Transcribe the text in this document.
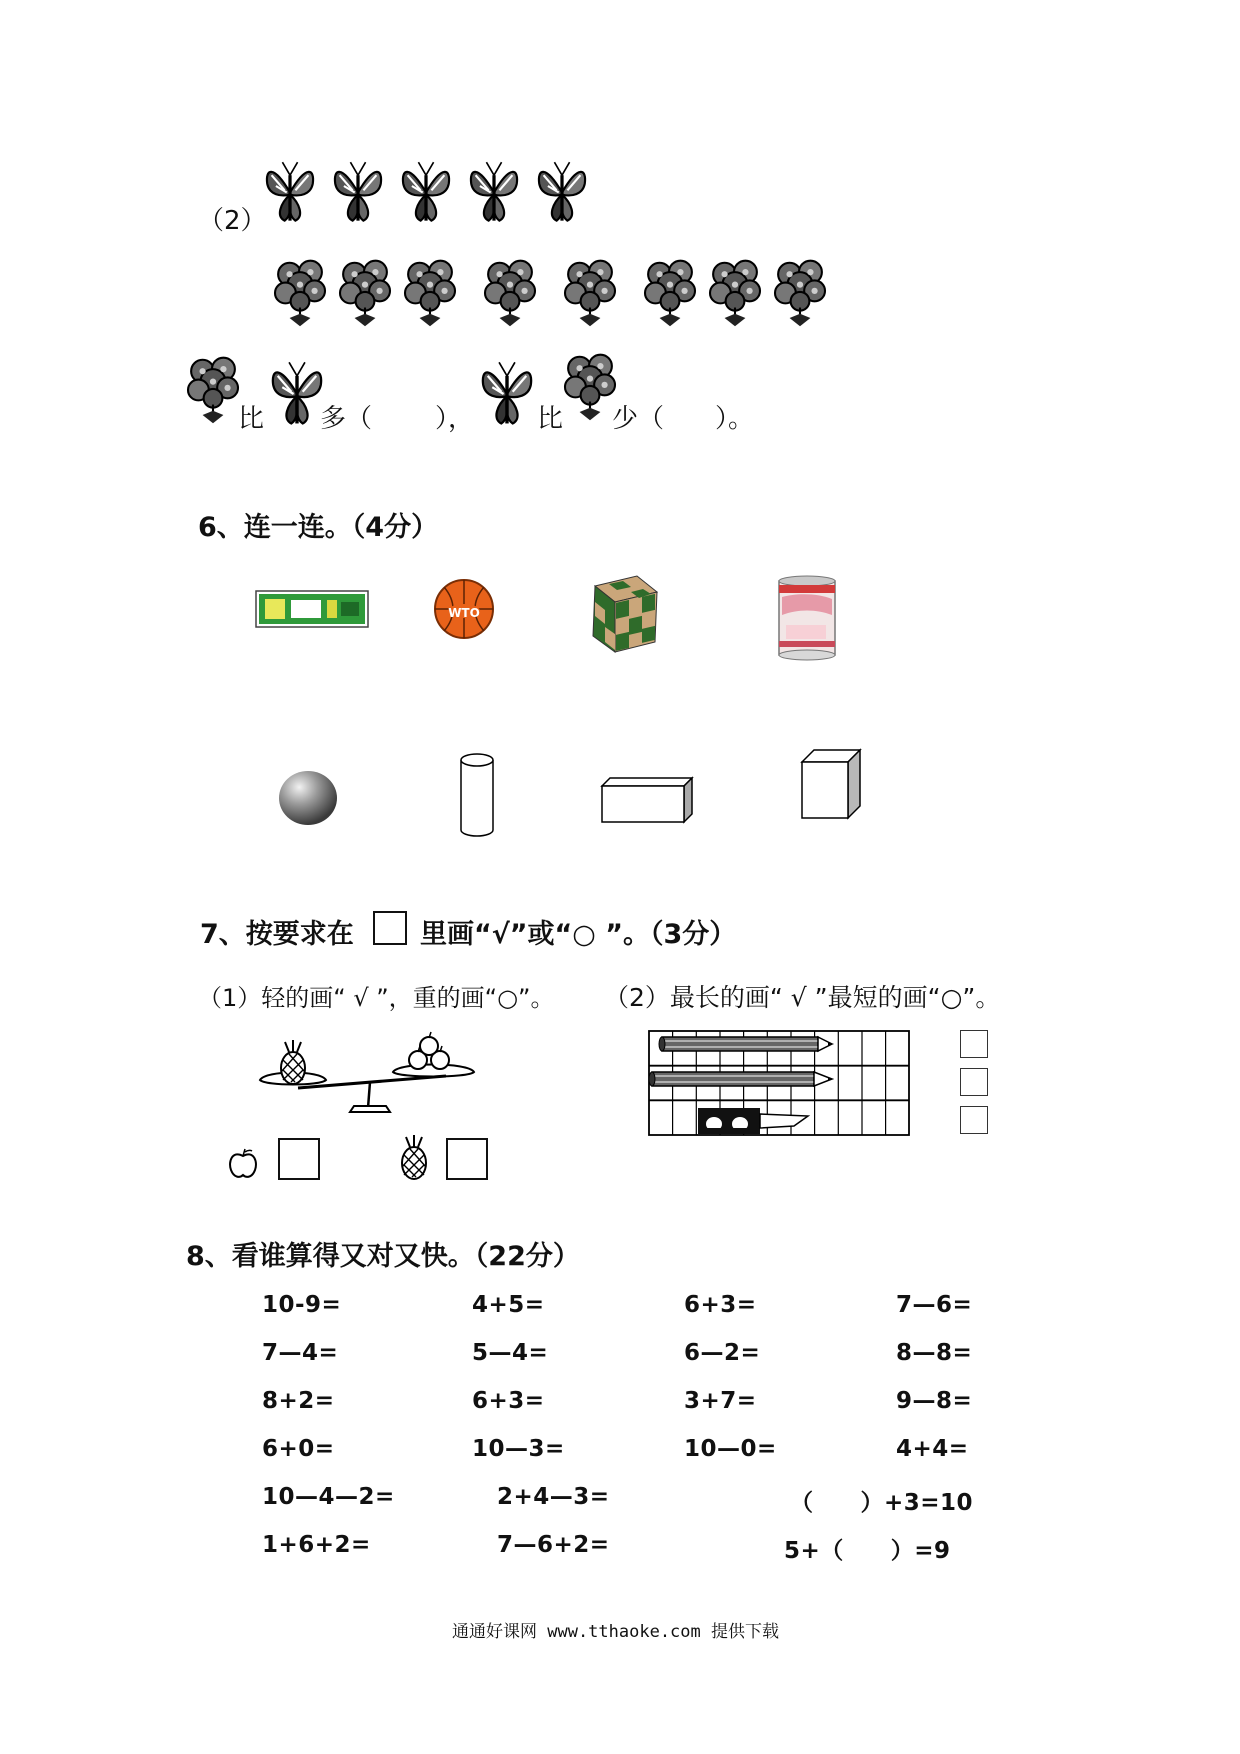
（2）
比 多（ ）， 比 少（ ）。
6、连一连。（4分）
WTO
7、按要求在 里画“√”或“○ ”。（3分）
（1）轻的画“ √ ”，重的画“○”。 （2）最长的画“ √ ”最短的画“○”。
8、看谁算得又对又快。（22分）
10-9=	4+5=	6+3=	7—6=
7—4=	5—4=	6—2=	8—8=
8+2=	6+3=	3+7=	9—8=
6+0=	10—3=	10—0=	4+4=
10—4—2=	2+4—3=	（　　）+3=10
1+6+2=	7—6+2=	5+（　　）=9
通通好课网 www.tthaoke.com 提供下载
